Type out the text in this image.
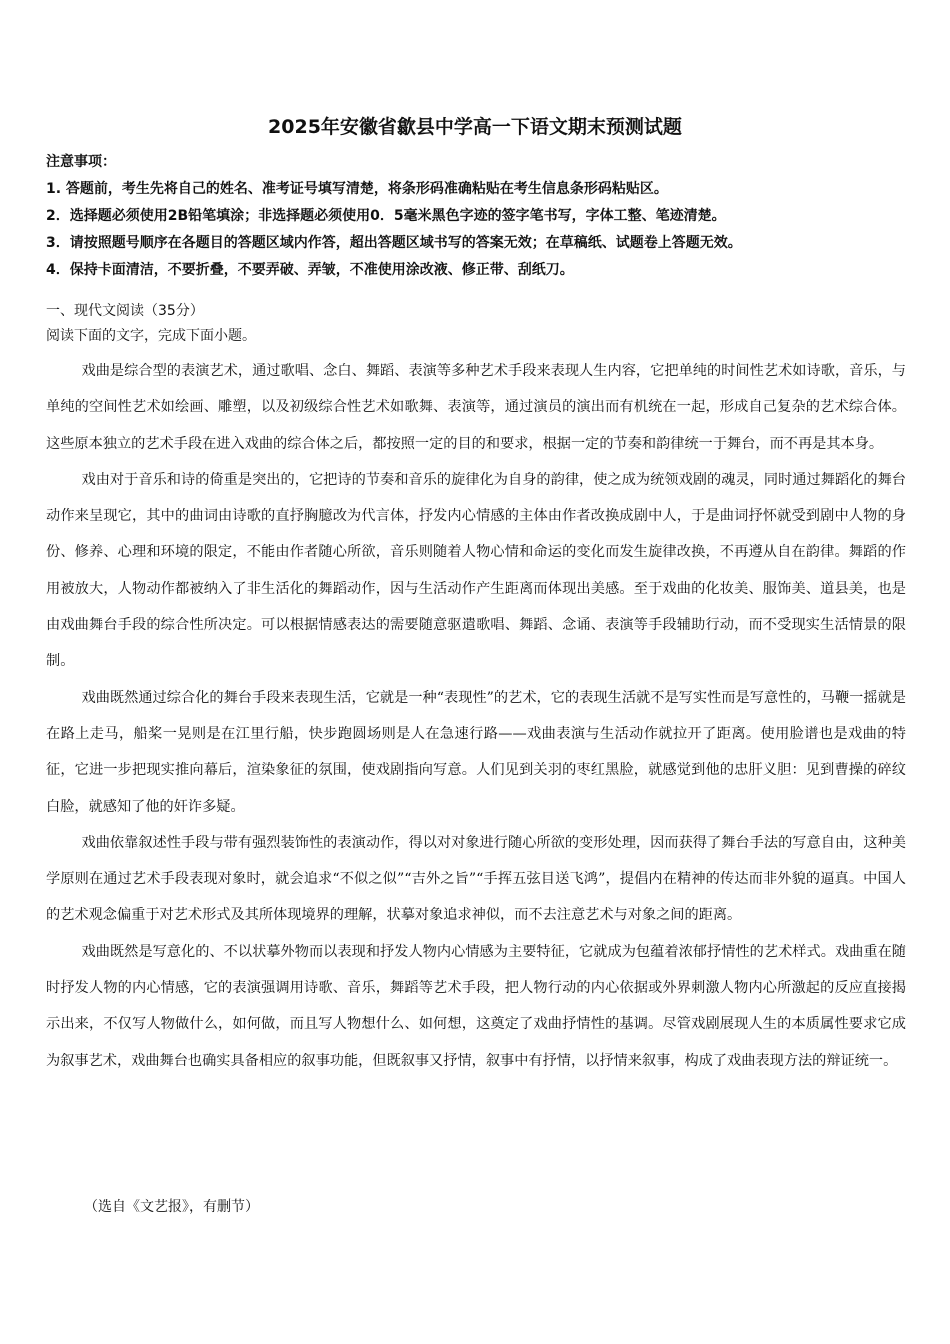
2025年安徽省歙县中学高一下语文期末预测试题
注意事项：
1. 答题前，考生先将自己的姓名、准考证号填写清楚，将条形码准确粘贴在考生信息条形码粘贴区。
2．选择题必须使用2B铅笔填涂；非选择题必须使用0．5毫米黑色字迹的签字笔书写，字体工整、笔迹清楚。
3．请按照题号顺序在各题目的答题区域内作答，超出答题区域书写的答案无效；在草稿纸、试题卷上答题无效。
4．保持卡面清洁，不要折叠，不要弄破、弄皱，不准使用涂改液、修正带、刮纸刀。
一、现代文阅读（35分）
阅读下面的文字，完成下面小题。

戏曲是综合型的表演艺术，通过歌唱、念白、舞蹈、表演等多种艺术手段来表现人生内容，它把单纯的时间性艺术如诗歌，音乐，与单纯的空间性艺术如绘画、雕塑，以及初级综合性艺术如歌舞、表演等，通过演员的演出而有机统在一起，形成自己复杂的艺术综合体。这些原本独立的艺术手段在进入戏曲的综合体之后，都按照一定的目的和要求，根据一定的节奏和韵律统一于舞台，而不再是其本身。

戏由对于音乐和诗的倚重是突出的，它把诗的节奏和音乐的旋律化为自身的韵律，使之成为统领戏剧的魂灵，同时通过舞蹈化的舞台动作来呈现它，其中的曲词由诗歌的直抒胸臆改为代言体，抒发内心情感的主体由作者改换成剧中人，于是曲词抒怀就受到剧中人物的身份、修养、心理和环境的限定，不能由作者随心所欲，音乐则随着人物心情和命运的变化而发生旋律改换，不再遵从自在韵律。舞蹈的作用被放大，人物动作都被纳入了非生活化的舞蹈动作，因与生活动作产生距离而体现出美感。至于戏曲的化妆美、服饰美、道县美，也是由戏曲舞台手段的综合性所决定。可以根据情感表达的需要随意驱遣歌唱、舞蹈、念诵、表演等手段辅助行动，而不受现实生活情景的限制。

戏曲既然通过综合化的舞台手段来表现生活，它就是一种“表现性”的艺术，它的表现生活就不是写实性而是写意性的，马鞭一摇就是在路上走马，船桨一晃则是在江里行船，快步跑圆场则是人在急速行路——戏曲表演与生活动作就拉开了距离。使用脸谱也是戏曲的特征，它进一步把现实推向幕后，渲染象征的氛围，使戏剧指向写意。人们见到关羽的枣红黑脸，就感觉到他的忠肝义胆：见到曹操的碎纹白脸，就感知了他的奸诈多疑。

戏曲依靠叙述性手段与带有强烈装饰性的表演动作，得以对对象进行随心所欲的变形处理，因而获得了舞台手法的写意自由，这种美学原则在通过艺术手段表现对象时，就会追求“不似之似”“吉外之旨”“手挥五弦目送飞鸿”，提倡内在精神的传达而非外貌的逼真。中国人的艺术观念偏重于对艺术形式及其所体现境界的理解，状摹对象追求神似，而不去注意艺术与对象之间的距离。

戏曲既然是写意化的、不以状摹外物而以表现和抒发人物内心情感为主要特征，它就成为包蕴着浓郁抒情性的艺术样式。戏曲重在随时抒发人物的内心情感，它的表演强调用诗歌、音乐，舞蹈等艺术手段，把人物行动的内心依据或外界刺激人物内心所激起的反应直接揭示出来，不仅写人物做什么，如何做，而且写人物想什么、如何想，这奠定了戏曲抒情性的基调。尽管戏剧展现人生的本质属性要求它成为叙事艺术，戏曲舞台也确实具备相应的叙事功能，但既叙事又抒情，叙事中有抒情，以抒情来叙事，构成了戏曲表现方法的辩证统一。

（选自《文艺报》，有删节）
